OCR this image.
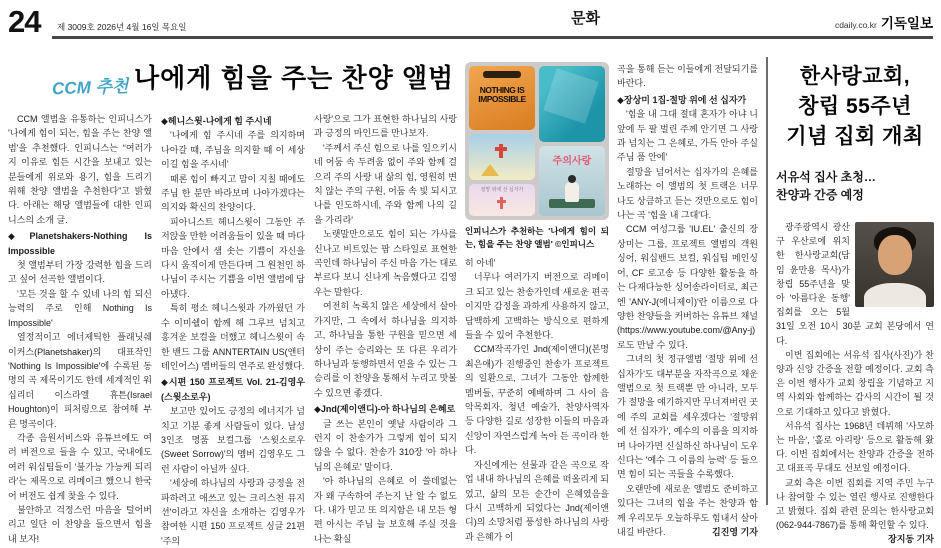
24 제 3009호 2026년 4월 16일 목요일	문화	cdaily.co.kr 기독일보
CCM 추천 나에게 힘을 주는 찬양 앨범

CCM 앨범을 유통하는 인피니스가 '나에게 힘이 되는, 힘을 주는 찬양 앨범'을 추천했다. 인피니스는 “여러가지 이유로 힘든 시간을 보내고 있는 분들에게 위로와 용기, 힘을 드리기 위해 찬양 앨범을 추천한다”고 밝혔다. 아래는 해당 앨범들에 대한 인피니스의 소개 글.

◆Planetshakers-Nothing Is Impossible

첫 앨범부터 가장 강력한 힘을 드리고 싶어 선곡한 앨범이다.

'모든 것을 할 수 있네 나의 힘 되신 능력의 주로 인해 Nothing Is Impossible'

열정적이고 에너제틱한 플래닛쉐이커스(Planetshaker)의 대표작인 'Nothing Is Impossible'에 수록된 동명의 곡 제목이기도 한데 세계적인 워십리더 이스라엘 휴튼(Israel Houghton)이 피처링으로 참여해 부른 명곡이다.

각종 음원서비스와 유튜브에도 여러 버전으로 들을 수 있고, 국내에도 여러 워십팀들이 '불가능 가능케 되리라'는 제목으로 리메이크 했으니 한국어 버전도 쉽게 찾을 수 있다.

불안하고 걱정스런 마음을 털어버리고 일단 이 찬양을 들으면서 힘을 내 보자!

◆헤니스윗-나에게 힘 주시네

'나에게 힘 주시네 주를 의지하며 나아갈 때, 주님을 의지할 때 이 세상 이길 힘을 주시네'

때론 힘이 빠지고 맘이 지칠 때에도 주님 한 분만 바라보며 나아가겠다는 의지와 확신의 찬양이다.

피아니스트 헤니스윗이 그동안 주저앉을 만한 어려움들이 있을 때 마다 마음 안에서 샘 솟는 기쁨이 자신을 다시 움직이게 만든다며 그 원천인 하나님이 주시는 기쁨을 이번 앨범에 담아냈다.

특히 평소 헤니스윗과 가까웠던 가수 이미쉘이 함께 해 그루브 넘치고 흥겨운 보컬을 더했고 헤니스윗이 속한 밴드 그룹 ANNTERTAIN US(앤터테인어스) 멤버들의 연주로 완성했다.

◆시편 150 프로젝트 Vol. 21-김영우(스윗소로우)

보고만 있어도 긍정의 에너지가 넘치고 기분 좋게 사람들이 있다. 남성 3인조 명품 보컬그룹 '스윗소로우(Sweet Sorrow)'의 멤버 김영우도 그런 사람이 아닐까 싶다.

'세상에 하나님의 사랑과 긍정을 전파하려고 애쓰고 있는 크리스천 뮤지션'이라고 자신을 소개하는 김영우가 참여한 시편 150 프로젝트 싱글 21편 '주의

사랑'으로 그가 표현한 하나님의 사랑과 긍정의 마인드를 만나보자.

'주께서 주신 힘으로 나를 일으키시네 어둠 속 두려움 없이 주와 함께 걸으리 주의 사랑 내 삶의 힘, 영원히 변치 않는 주의 구원, 어둠 속 빛 되시고 나를 인도하시네, 주와 함께 나의 길을 가리라'

노랫말만으로도 힘이 되는 가사를 신나고 비트있는 팝 스타일로 표현한 곡인데 하나님이 주신 마음 가는 대로 부르다 보니 신나게 녹음했다고 김영우는 말한다.

여전히 녹록치 않은 세상에서 살아가지만, 그 속에서 하나님을 의지하고, 하나님을 통한 구원을 믿으면 세상이 주는 승리와는 또 다른 우리가 하나님과 동행하면서 얻을 수 있는 그 승리를 이 찬양을 통해서 누리고 맛볼 수 있으면 좋겠다.

◆Jnd(제이앤디)-아 하나님의 은혜로

글 쓰는 본인이 옛날 사람이라 그런지 이 찬송가가 그렇게 힘이 되지 않을 수 없다. 찬송가 310장 '아 하나님의 은혜로' 말이다.

'아 하나님의 은혜로 이 쓸데없는 자 왜 구속하여 주는지 난 알 수 없도다. 내가 믿고 또 의지함은 내 모든 형편 아시는 주님 늘 보호해 주실 것을 나는 확실

NOTHING IS IMPOSSIBLE
절망 위에 선 십자가
주의사랑

인피니스가 추천하는 '나에게 힘이 되는, 힘을 주는 찬양 앨범' ©인피니스

히 아네'

너무나 여러가지 버전으로 리메이크 되고 있는 찬송가인데 새로운 편곡이지만 감정을 과하게 사용하지 않고, 담백하게 고백하는 방식으로 편하게 들을 수 있어 추천한다.

CCM작곡가인 Jnd(제이앤디)(본명 최은애)가 진행중인 찬송가 프로젝트의 일환으로, 그녀가 그동안 함께한 멤버들, 꾸준히 예배하며 그 사이 음악목회자, 청년 예술가, 찬양사역자 등 다양한 길로 성장한 이들의 마음과 신앙이 자연스럽게 녹아 든 곡이라 한다.

자신에게는 선물과 같은 곡으로 작업 내내 하나님의 은혜를 떠올리게 되었고, 삶의 모든 순간이 은혜였음을 다시 고백하게 되었다는 Jnd(제이앤디)의 소망처럼 풍성한 하나님의 사랑과 은혜가 이

곡을 통해 듣는 이들에게 전달되기를 바란다.

◆장상미 1집-절망 위에 선 십자가

'힘을 내 그대 절대 혼자가 아냐 니 앞에 두 팔 벌린 주께 안기면 그 사랑과 넘치는 그 은혜로, 가득 안아 주실 주님 품 안에'

절망을 넘어서는 십자가의 은혜를 노래하는 이 앨범의 첫 트랙은 너무나도 상큼하고 듣는 것만으로도 힘이 나는 곡 '힘을 내 그대'다.

CCM 여성그룹 'IU.EL' 출신의 장상미는 그룹, 프로젝트 앨범의 객원싱어, 워십밴드 보컬, 워십팀 메인싱어, CF 로고송 등 다양한 활동을 하는 다재다능한 싱어송라이터로, 최근엔 'ANY-J(에니제이)'란 이름으로 다양한 찬양들을 커버하는 유튜브 채널(https://www.youtube.com/@Any-j)로도 만날 수 있다.

그녀의 첫 정규앨범 '절망 위에 선 십자가'도 대부분을 자작곡으로 채운 앨범으로 첫 트랙뿐 만 아니라, 모두가 절망을 얘기하지만 무너져버린 곳에 주의 교회를 세우겠다는 '절망위에 선 십자가', 예수의 이름을 의지하며 나아가면 신실하신 하나님이 도우신다는 '예수 그 이름의 능력' 등 들으면 힘이 되는 곡들을 수록했다.

오랜만에 새로운 앨범도 준비하고 있다는 그녀의 힘을 주는 찬양과 함께 우리모두 오늘하루도 힘내서 살아내길 바란다.	김진영 기자

한사랑교회,
창립 55주년
기념 집회 개최
서유석 집사 초청…
찬양과 간증 예정

광주광역시 광산구 우산로에 위치한 한사랑교회(담임 윤만용 목사)가 창립 55주년을 맞아 '아름다운 동행' 집회를 오는 5월 31일 오전 10시 30분 교회 본당에서 연다.

이번 집회에는 서유석 집사(사진)가 찬양과 신앙 간증을 전할 예정이다. 교회 측은 이번 행사가 교회 창립을 기념하고 지역 사회와 함께하는 감사의 시간이 될 것으로 기대하고 있다고 밝혔다.

서유석 집사는 1968년 데뷔해 '사모하는 마음', '홀로 아리랑' 등으로 활동해 왔다. 이번 집회에서는 찬양과 간증을 전하고 대표곡 무대도 선보일 예정이다.

교회 측은 이번 집회를 지역 주민 누구나 참여할 수 있는 열린 행사로 진행한다고 밝혔다. 집회 관련 문의는 한사랑교회(062-944-7867)를 통해 확인할 수 있다.
장지동 기자
